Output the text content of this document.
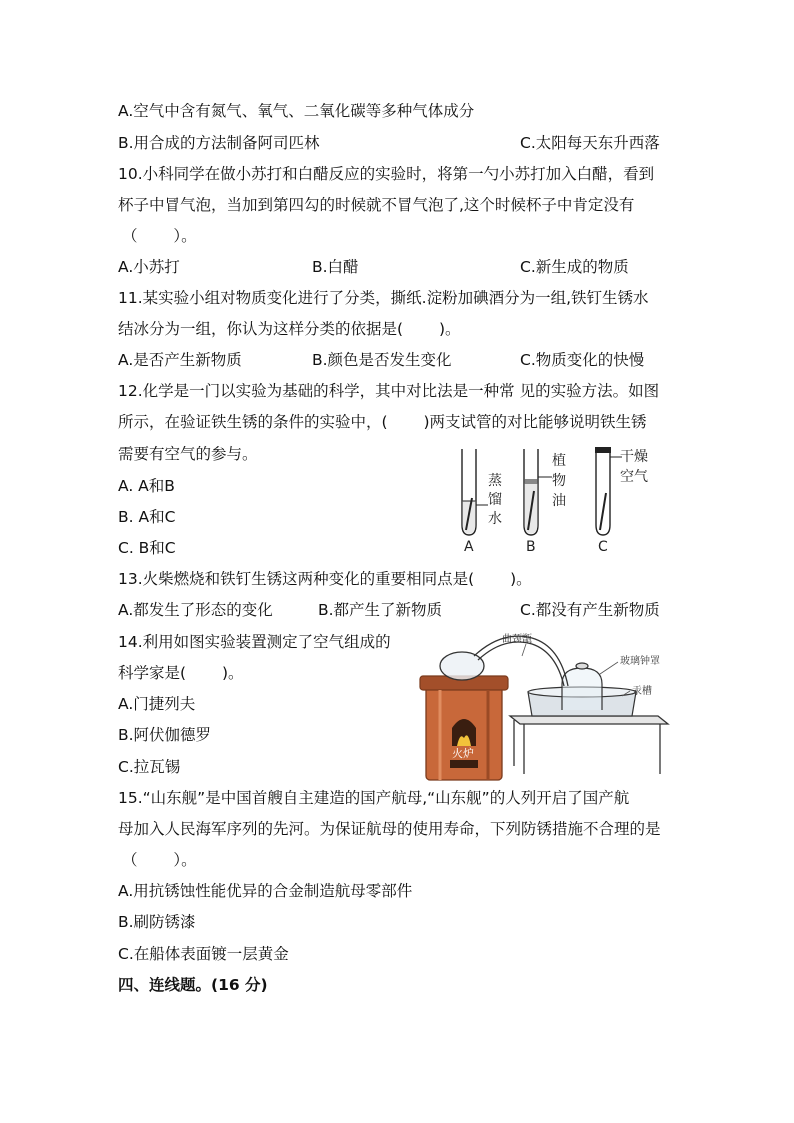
A.空气中含有氮气、氧气、二氧化碳等多种气体成分
B.用合成的方法制备阿司匹林	C.太阳每天东升西落
10.小科同学在做小苏打和白醋反应的实验时，将第一勺小苏打加入白醋，看到
杯子中冒气泡，当加到第四勾的时候就不冒气泡了,这个时候杯子中肯定没有
（　　 ）。
A.小苏打	B.白醋	C.新生成的物质
11.某实验小组对物质变化进行了分类，撕纸.淀粉加碘酒分为一组,铁钉生锈水
结冰分为一组，你认为这样分类的依据是(　　 )。
A.是否产生新物质	B.颜色是否发生变化	C.物质变化的快慢
12.化学是一门以实验为基础的科学，其中对比法是一种常 见的实验方法。如图
所示，在验证铁生锈的条件的实验中，(　　 )两支试管的对比能够说明铁生锈
需要有空气的参与。
A. A和B
B. A和C
C. B和C
蒸
馏
水
A
植
物
油
B
干燥
空气
C
13.火柴燃烧和铁钉生锈这两种变化的重要相同点是(　　 )。
A.都发生了形态的变化	B.都产生了新物质	C.都没有产生新物质
14.利用如图实验装置测定了空气组成的
科学家是(　　 )。
A.门捷列夫
B.阿伏伽德罗
C.拉瓦锡
曲颈甑
玻璃钟罩
汞槽
火炉
15.“山东舰”是中国首艘自主建造的国产航母,“山东舰”的人列开启了国产航
母加入人民海军序列的先河。为保证航母的使用寿命，下列防锈措施不合理的是
（　　 ）。
A.用抗锈蚀性能优异的合金制造航母零部件
B.刷防锈漆
C.在船体表面镀一层黄金
四、连线题。(16 分)
